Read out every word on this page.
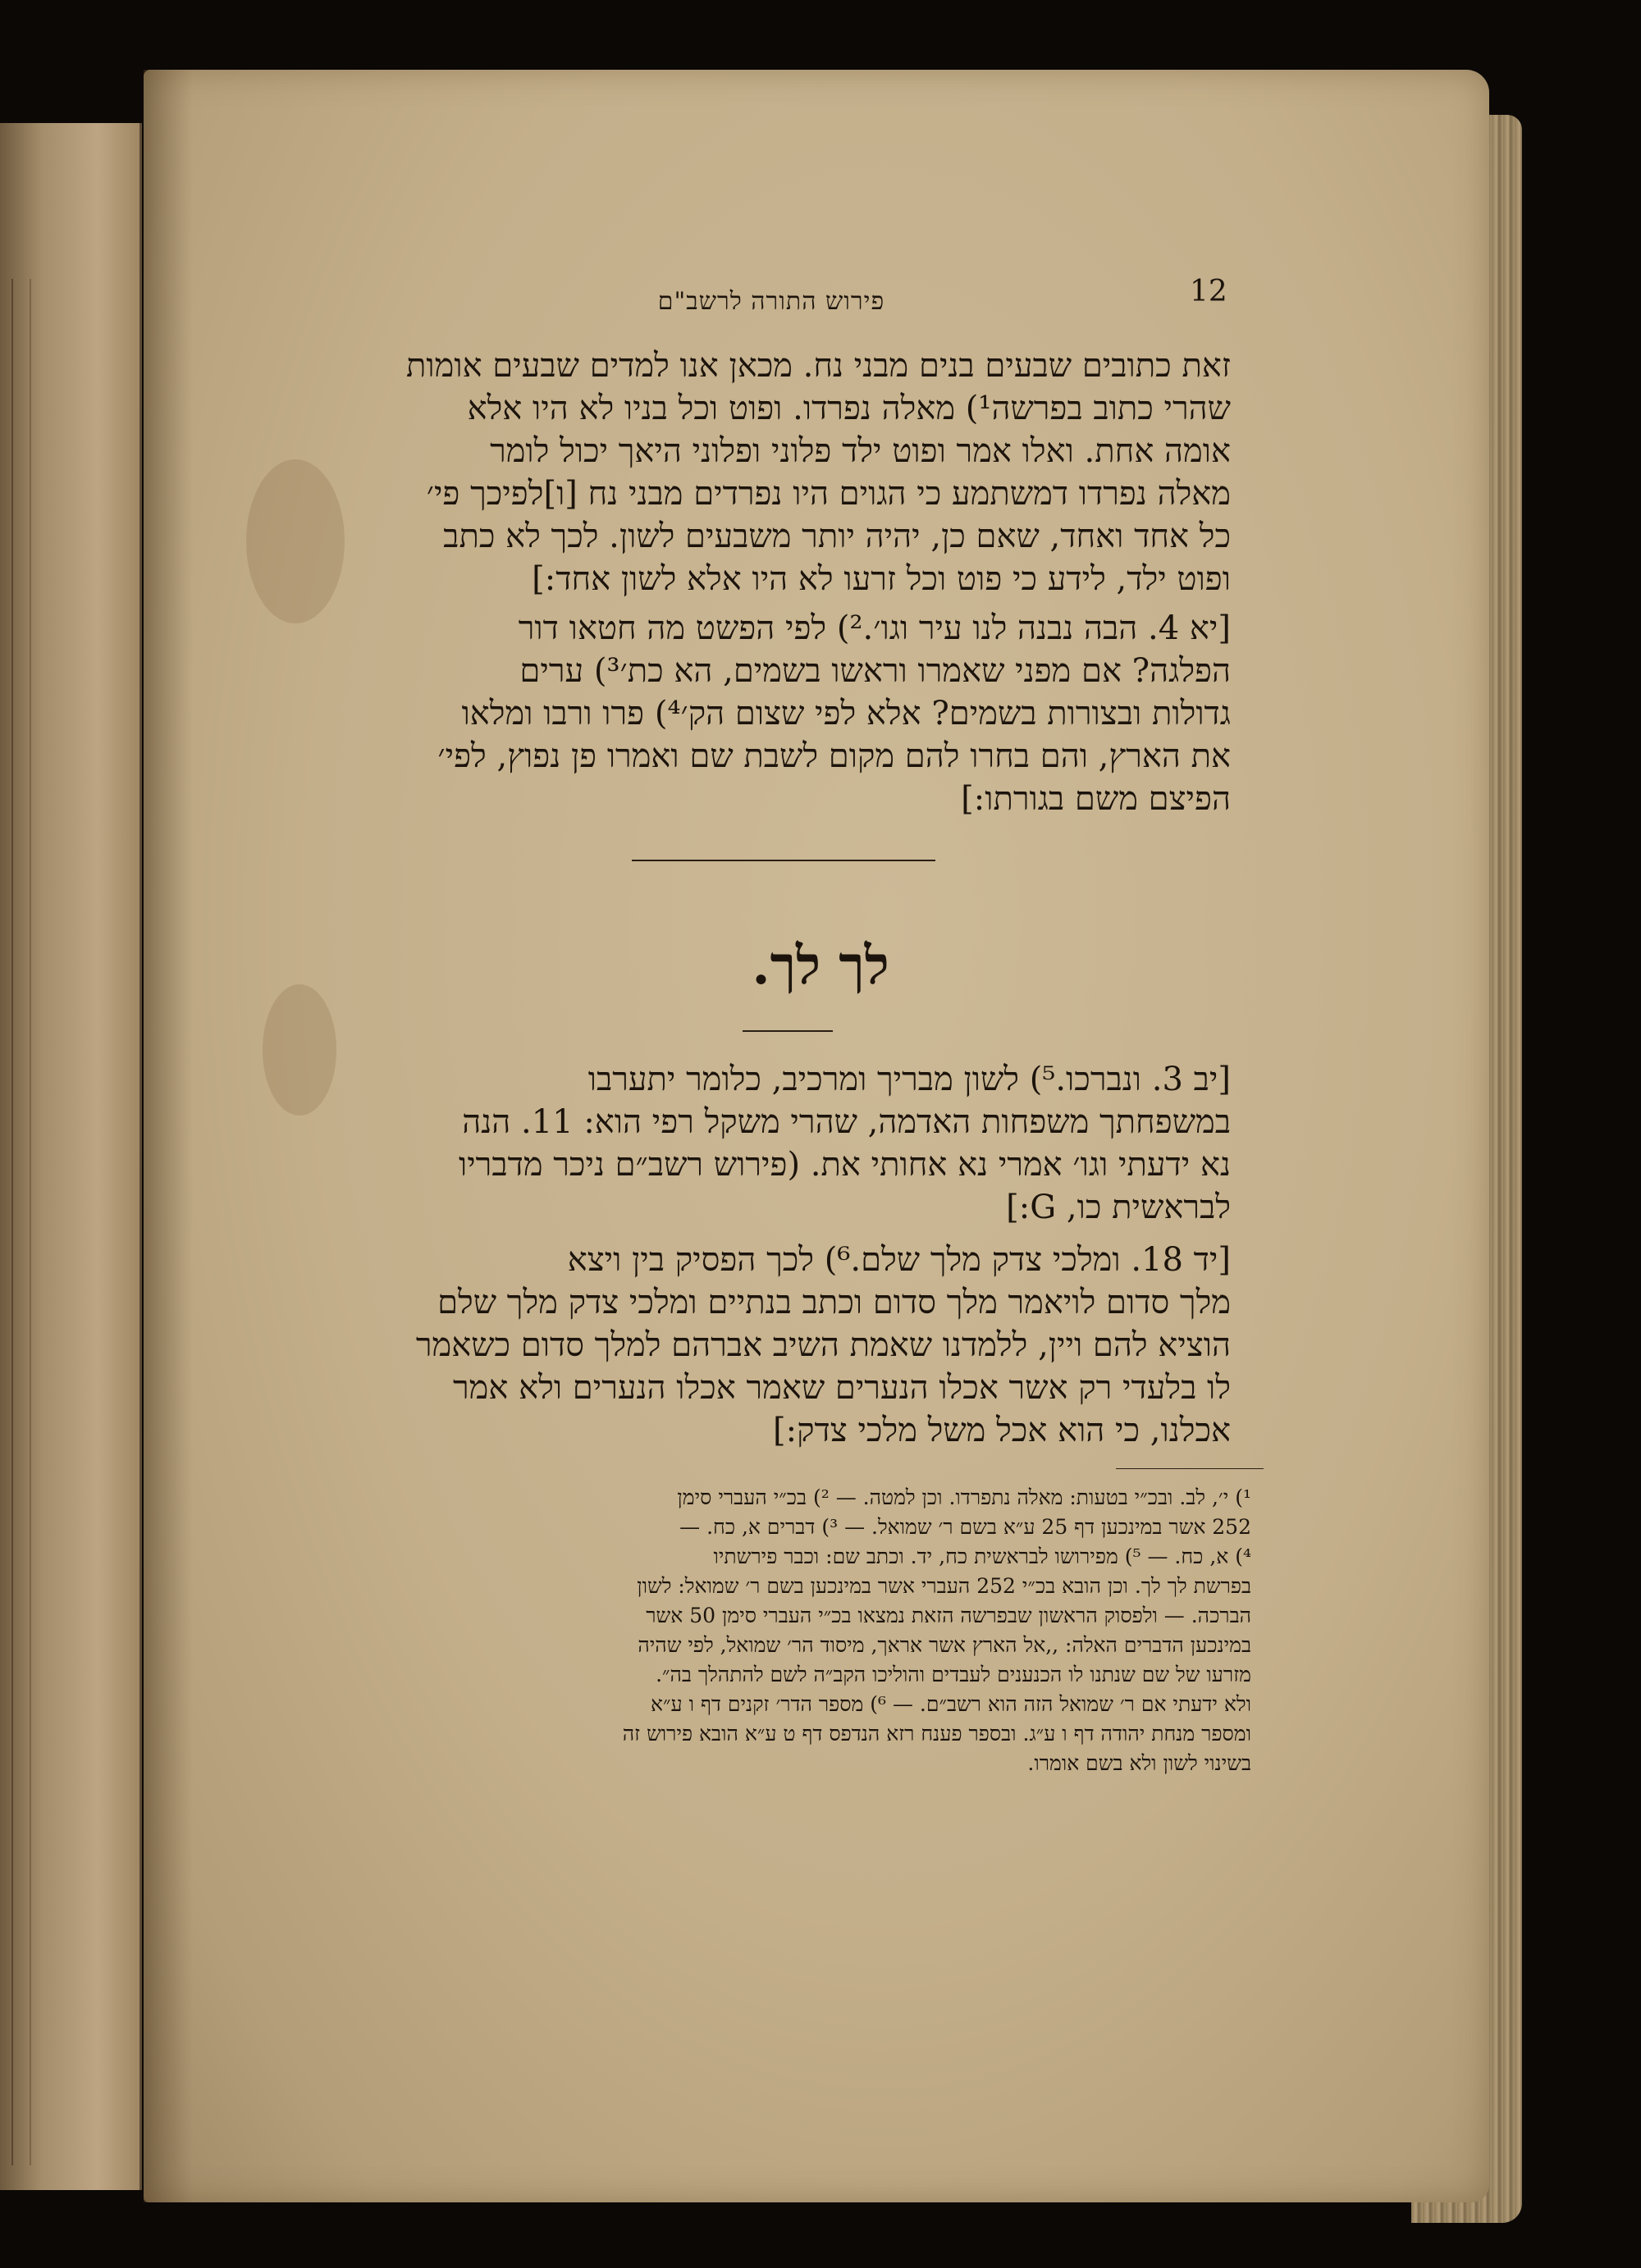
פירוש התורה לרשב"ם	12
זאת כתובים שבעים בנים מבני נח. מכאן אנו למדים שבעים אומות
שהרי כתוב בפרשה¹) מאלה נפרדו. ופוט וכל בניו לא היו אלא
אומה אחת. ואלו אמר ופוט ילד פלוני ופלוני היאך יכול לומר
מאלה נפרדו דמשתמע כי הגוים היו נפרדים מבני נח [ו]לפיכך פי׳
כל אחד ואחד, שאם כן, יהיה יותר משבעים לשון. לכך לא כתב
ופוט ילד, לידע כי פוט וכל זרעו לא היו אלא לשון אחד:]
[יא 4. הבה נבנה לנו עיר וגו׳.²) לפי הפשט מה חטאו דור
הפלגה? אם מפני שאמרו וראשו בשמים, הא כת׳³) ערים
גדולות ובצורות בשמים? אלא לפי שצום הק׳⁴) פרו ורבו ומלאו
את הארץ, והם בחרו להם מקום לשבת שם ואמרו פן נפוץ, לפי׳
הפיצם משם בגורתו:]
לך לך.
[יב 3. ונברכו.⁵) לשון מבריך ומרכיב, כלומר יתערבו
במשפחתך משפחות האדמה, שהרי משקל רפי הוא: 11. הנה
נא ידעתי וגו׳ אמרי נא אחותי את. (פירוש רשב״ם ניכר מדבריו
לבראשית כו, G:]
[יד 18. ומלכי צדק מלך שלם.⁶) לכך הפסיק בין ויצא
מלך סדום לויאמר מלך סדום וכתב בנתיים ומלכי צדק מלך שלם
הוציא להם ויין, ללמדנו שאמת השיב אברהם למלך סדום כשאמר
לו בלעדי רק אשר אכלו הנערים שאמר אכלו הנערים ולא אמר
אכלנו, כי הוא אכל משל מלכי צדק:]
¹) י׳, לב. ובכ״י בטעות: מאלה נתפרדו. וכן למטה. — ²) בכ״י העברי סימן
252 אשר במינכען דף 25 ע״א בשם ר׳ שמואל. — ³) דברים א, כח. —
⁴) א, כח. — ⁵) מפירושו לבראשית כח, יד. וכתב שם: וכבר פירשתיו
בפרשת לך לך. וכן הובא בכ״י 252 העברי אשר במינכען בשם ר׳ שמואל: לשון
הברכה. — ולפסוק הראשון שבפרשה הזאת נמצאו בכ״י העברי סימן 50 אשר
במינכען הדברים האלה: ,,אל הארץ אשר אראך, מיסוד הר׳ שמואל, לפי שהיה
מזרעו של שם שנתנו לו הכנענים לעבדים והוליכו הקב״ה לשם להתהלך בה״.
ולא ידעתי אם ר׳ שמואל הזה הוא רשב״ם. — ⁶) מספר הדר׳ זקנים דף ו ע״א
ומספר מנחת יהודה דף ו ע״ג. ובספר פענח רזא הנדפס דף ט ע״א הובא פירוש זה
בשינוי לשון ולא בשם אומרו.
